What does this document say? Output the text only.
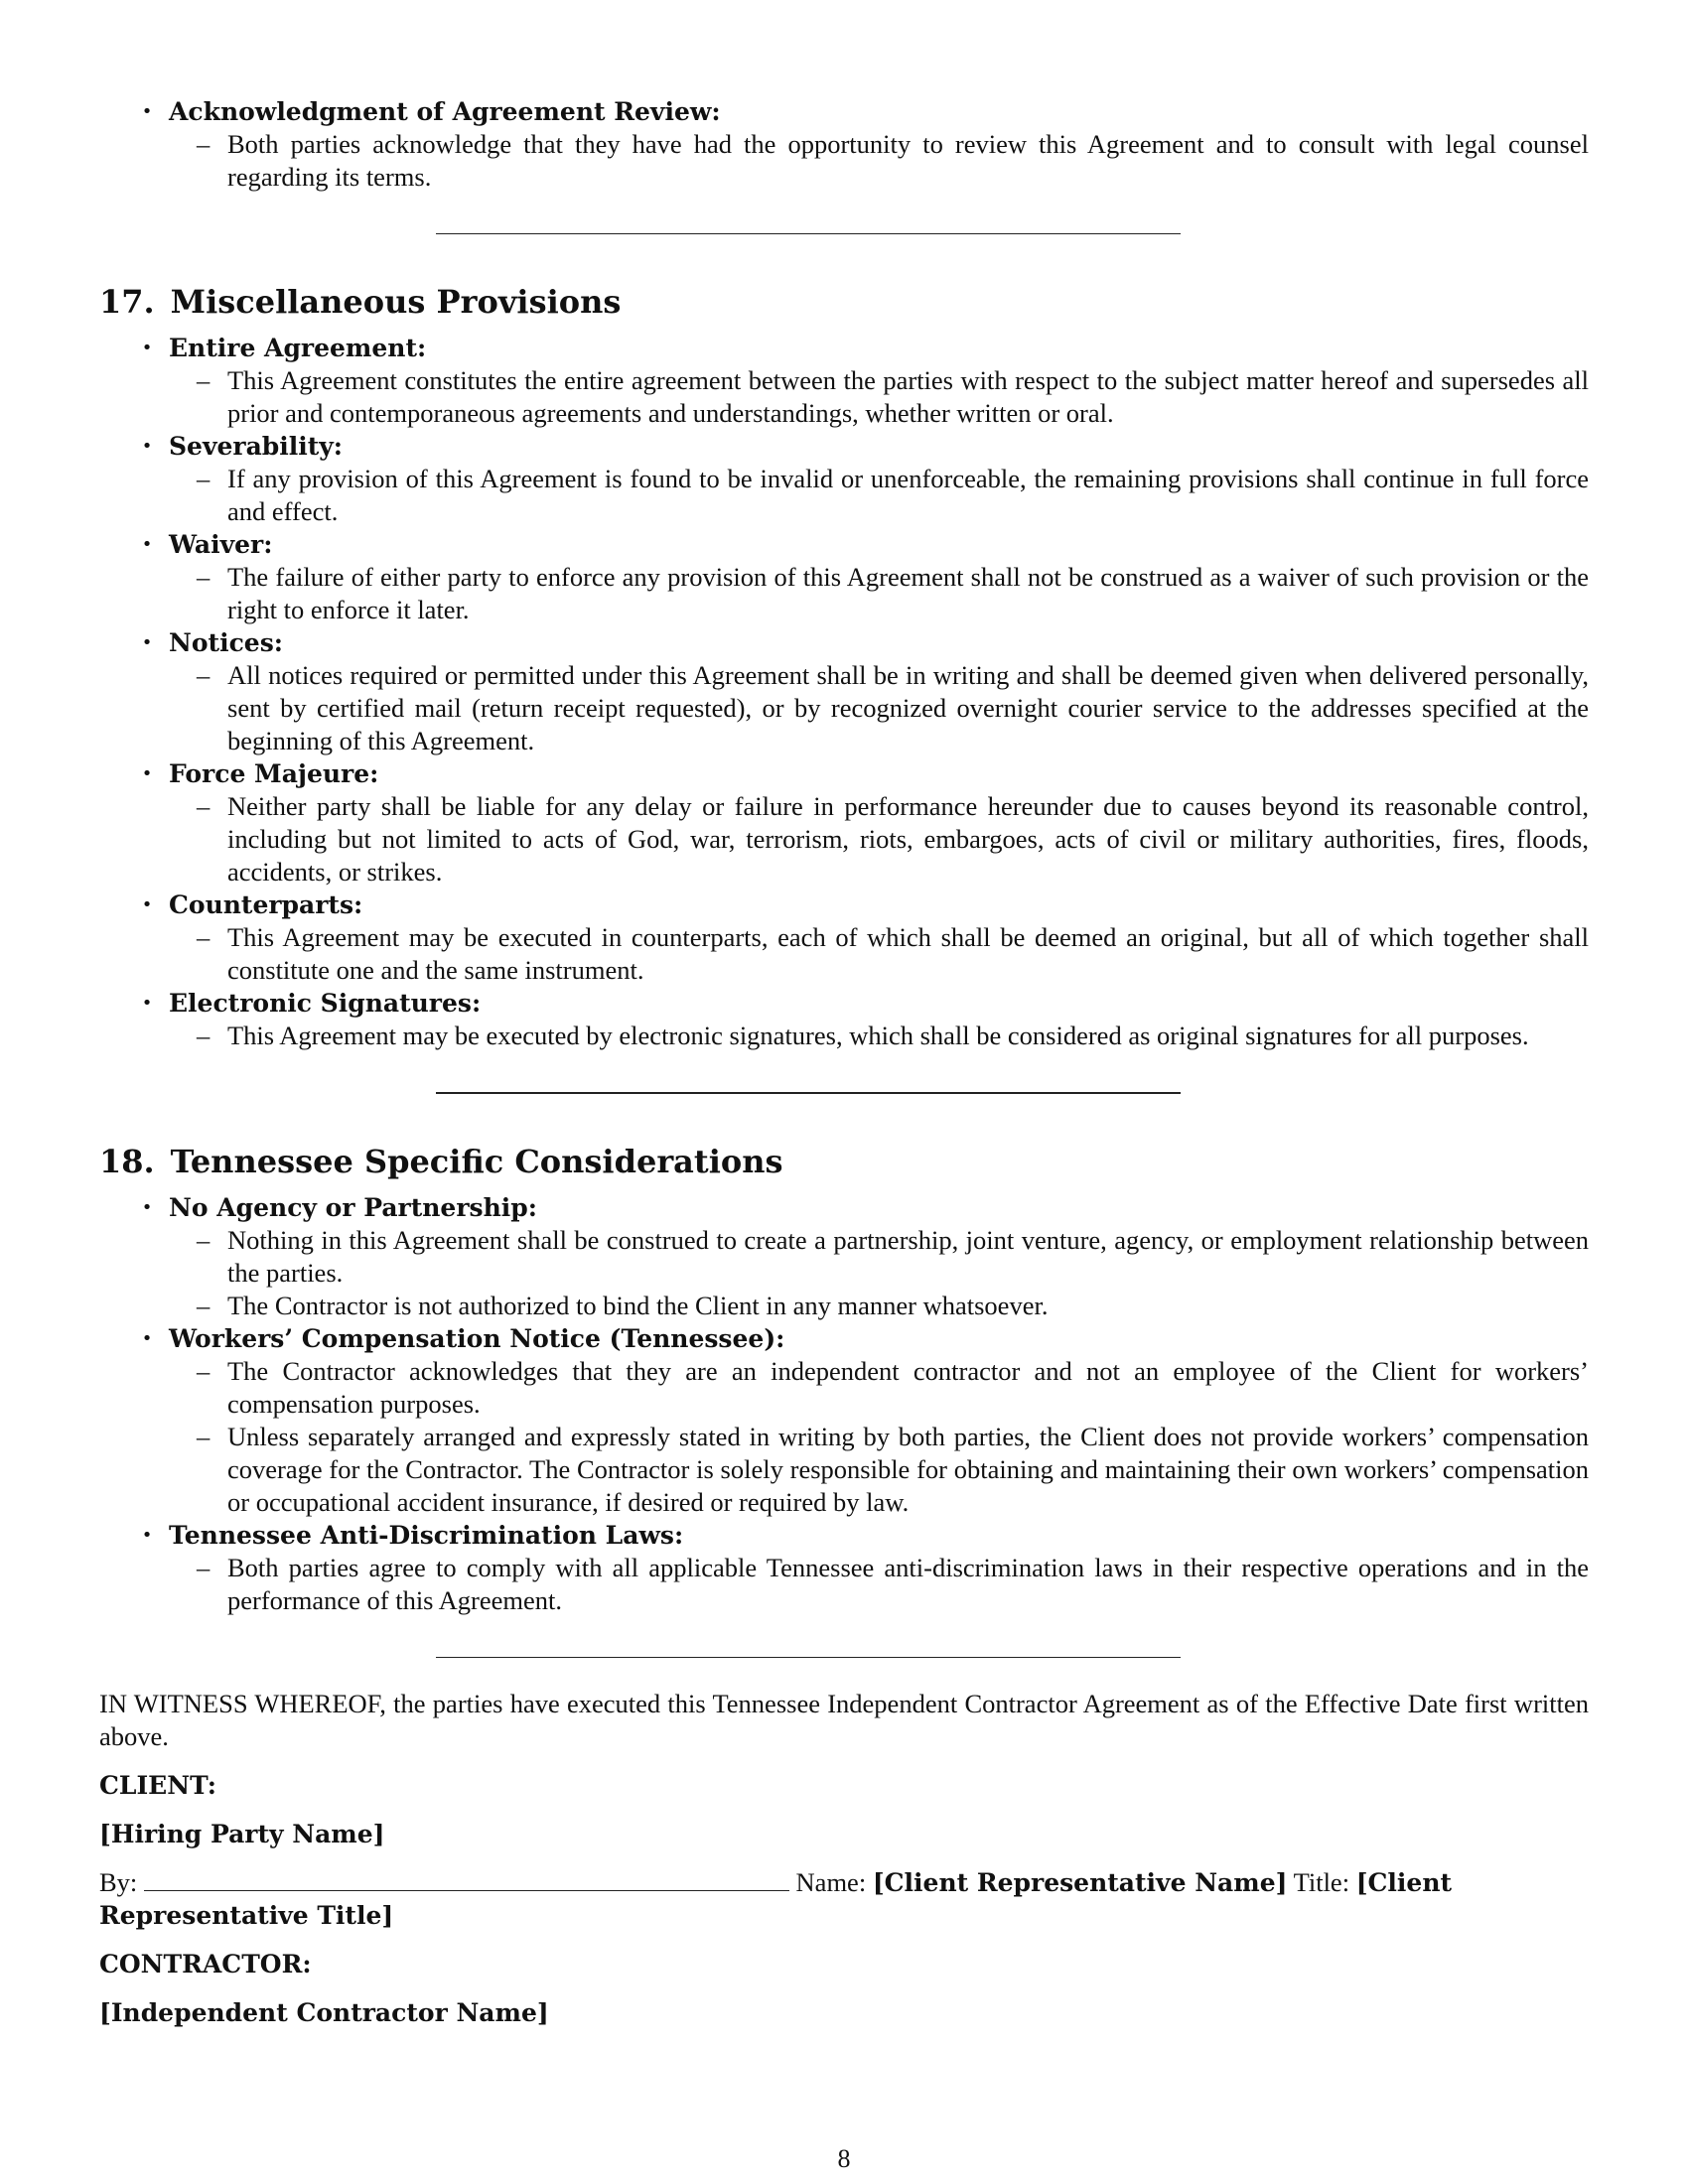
• Acknowledgment of Agreement Review:
– Both parties acknowledge that they have had the opportunity to review this Agreement and to consult with legal counsel regarding its terms.
17. Miscellaneous Provisions
• Entire Agreement:
– This Agreement constitutes the entire agreement between the parties with respect to the subject matter hereof and supersedes all prior and contemporaneous agreements and understandings, whether written or oral.
• Severability:
– If any provision of this Agreement is found to be invalid or unenforceable, the remaining provisions shall continue in full force and effect.
• Waiver:
– The failure of either party to enforce any provision of this Agreement shall not be construed as a waiver of such provision or the right to enforce it later.
• Notices:
– All notices required or permitted under this Agreement shall be in writing and shall be deemed given when delivered personally, sent by certified mail (return receipt requested), or by recognized overnight courier service to the addresses specified at the beginning of this Agreement.
• Force Majeure:
– Neither party shall be liable for any delay or failure in performance hereunder due to causes beyond its reasonable control, including but not limited to acts of God, war, terrorism, riots, embargoes, acts of civil or military authorities, fires, floods, accidents, or strikes.
• Counterparts:
– This Agreement may be executed in counterparts, each of which shall be deemed an original, but all of which together shall constitute one and the same instrument.
• Electronic Signatures:
– This Agreement may be executed by electronic signatures, which shall be considered as original signatures for all purposes.
18. Tennessee Specific Considerations
• No Agency or Partnership:
– Nothing in this Agreement shall be construed to create a partnership, joint venture, agency, or employment relationship between the parties.
– The Contractor is not authorized to bind the Client in any manner whatsoever.
• Workers’ Compensation Notice (Tennessee):
– The Contractor acknowledges that they are an independent contractor and not an employee of the Client for workers’ compensation purposes.
– Unless separately arranged and expressly stated in writing by both parties, the Client does not provide workers’ compensation coverage for the Contractor. The Contractor is solely responsible for obtaining and maintaining their own workers’ compensation or occupational accident insurance, if desired or required by law.
• Tennessee Anti-Discrimination Laws:
– Both parties agree to comply with all applicable Tennessee anti-discrimination laws in their respective operations and in the performance of this Agreement.
IN WITNESS WHEREOF, the parties have executed this Tennessee Independent Contractor Agreement as of the Effective Date first written above.
CLIENT:
[Hiring Party Name]
By:	Name: [Client Representative Name] Title: [Client Representative Title]
CONTRACTOR:
[Independent Contractor Name]
8
